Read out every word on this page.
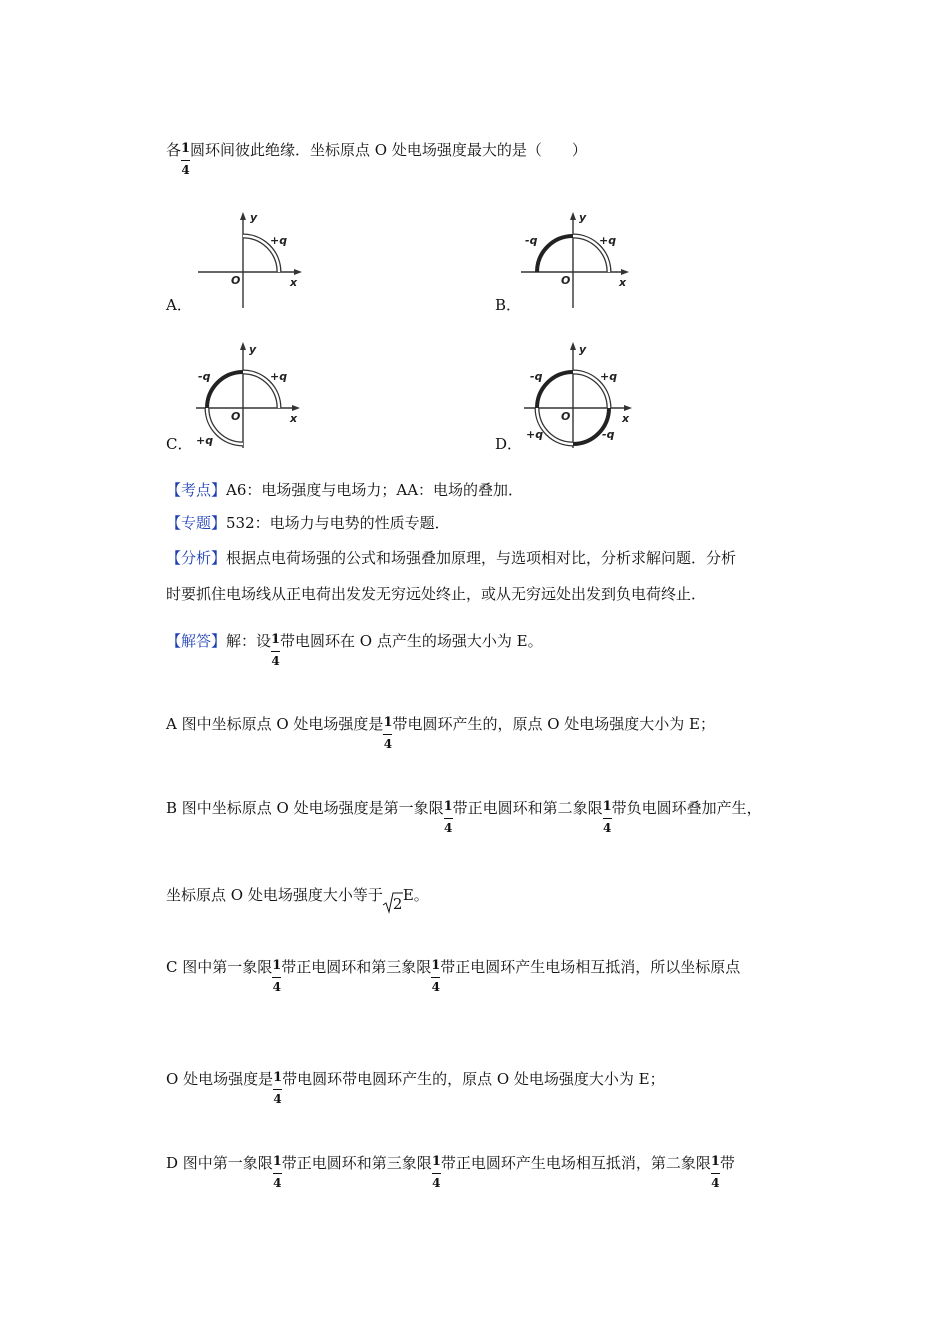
各 $\frac{1}{4}$ 圆环间彼此绝缘．坐标原点 O 处电场强度最大的是（　　）
A．
y
x
O
+q
B．
y
x
O
+q
-q
C．
y
x
O
+q
-q
+q	D．
y
x
O
+q
-q
+q	-q
【考点】A6：电场强度与电场力；AA：电场的叠加．
【专题】532：电场力与电势的性质专题．
【分析】根据点电荷场强的公式和场强叠加原理，与选项相对比，分析求解问题．分析
时要抓住电场线从正电荷出发发无穷远处终止，或从无穷远处出发到负电荷终止．
【解答】解：设 $\frac{1}{4}$ 带电圆环在 O 点产生的场强大小为 E。
A 图中坐标原点 O 处电场强度是 $\frac{1}{4}$ 带电圆环产生的，原点 O 处电场强度大小为 E；
B 图中坐标原点 O 处电场强度是第一象限 $\frac{1}{4}$ 带正电圆环和第二象限 $\frac{1}{4}$ 带负电圆环叠加产生，
坐标原点 O 处电场强度大小等于 2 E。
C 图中第一象限 $\frac{1}{4}$ 带正电圆环和第三象限 $\frac{1}{4}$ 带正电圆环产生电场相互抵消，所以坐标原点
O 处电场强度是 $\frac{1}{4}$ 带电圆环带电圆环产生的，原点 O 处电场强度大小为 E；
D 图中第一象限 $\frac{1}{4}$ 带正电圆环和第三象限 $\frac{1}{4}$ 带正电圆环产生电场相互抵消，第二象限 $\frac{1}{4}$ 带
